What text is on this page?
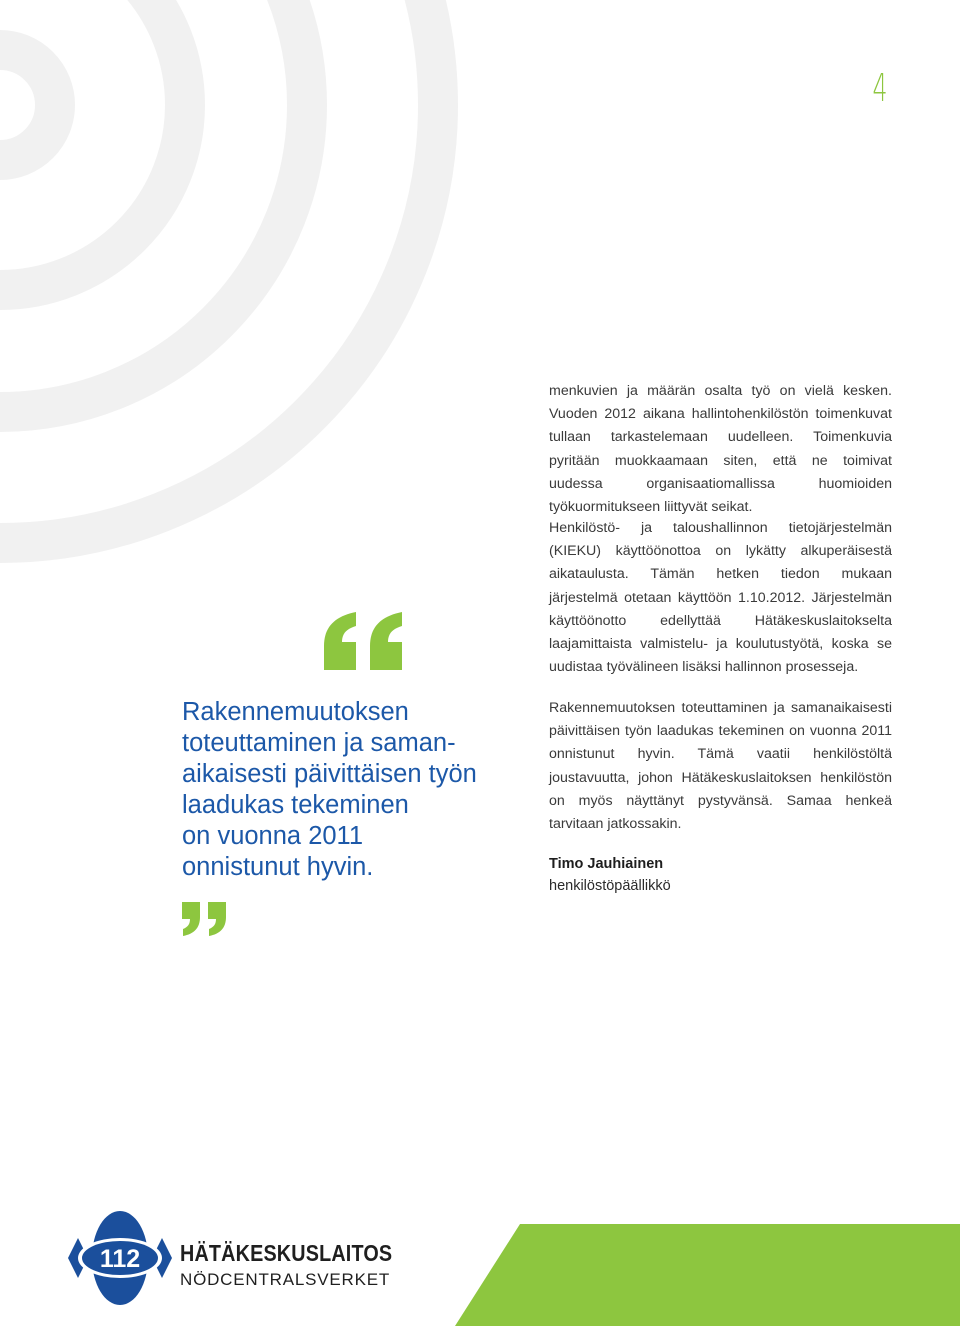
4

menkuvien ja määrän osalta työ on vielä kesken. Vuoden 2012 aikana hallintohenkilöstön toimenkuvat tullaan tarkastelemaan uudelleen. Toimenkuvia pyritään muokkaamaan siten, että ne toimivat uudessa organisaatiomallissa huomioiden työkuormitukseen liittyvät seikat.

Henkilöstö- ja taloushallinnon tietojärjestelmän (KIEKU) käyttöönottoa on lykätty alkuperäisestä aikataulusta. Tämän hetken tiedon mukaan järjestelmä otetaan käyttöön 1.10.2012. Järjestelmän käyttöönotto edellyttää Hätäkeskuslaitokselta laajamittaista valmistelu- ja koulutustyötä, koska se uudistaa työvälineen lisäksi hallinnon prosesseja.

Rakennemuutoksen toteuttaminen ja samanaikaisesti päivittäisen työn laadukas tekeminen on vuonna 2011 onnistunut hyvin. Tämä vaatii henkilöstöltä joustavuutta, johon Hätäkeskuslaitoksen henkilöstön on myös näyttänyt pystyvänsä. Samaa henkeä tarvitaan jatkossakin.

Rakennemuutoksen
toteuttaminen ja saman-
aikaisesti päivittäisen työn
laadukas tekeminen
on vuonna 2011
onnistunut hyvin.	Timo Jauhiainen
henkilöstöpäällikkö
112 HÄTÄKESKUSLAITOS
NÖDCENTRALSVERKET
